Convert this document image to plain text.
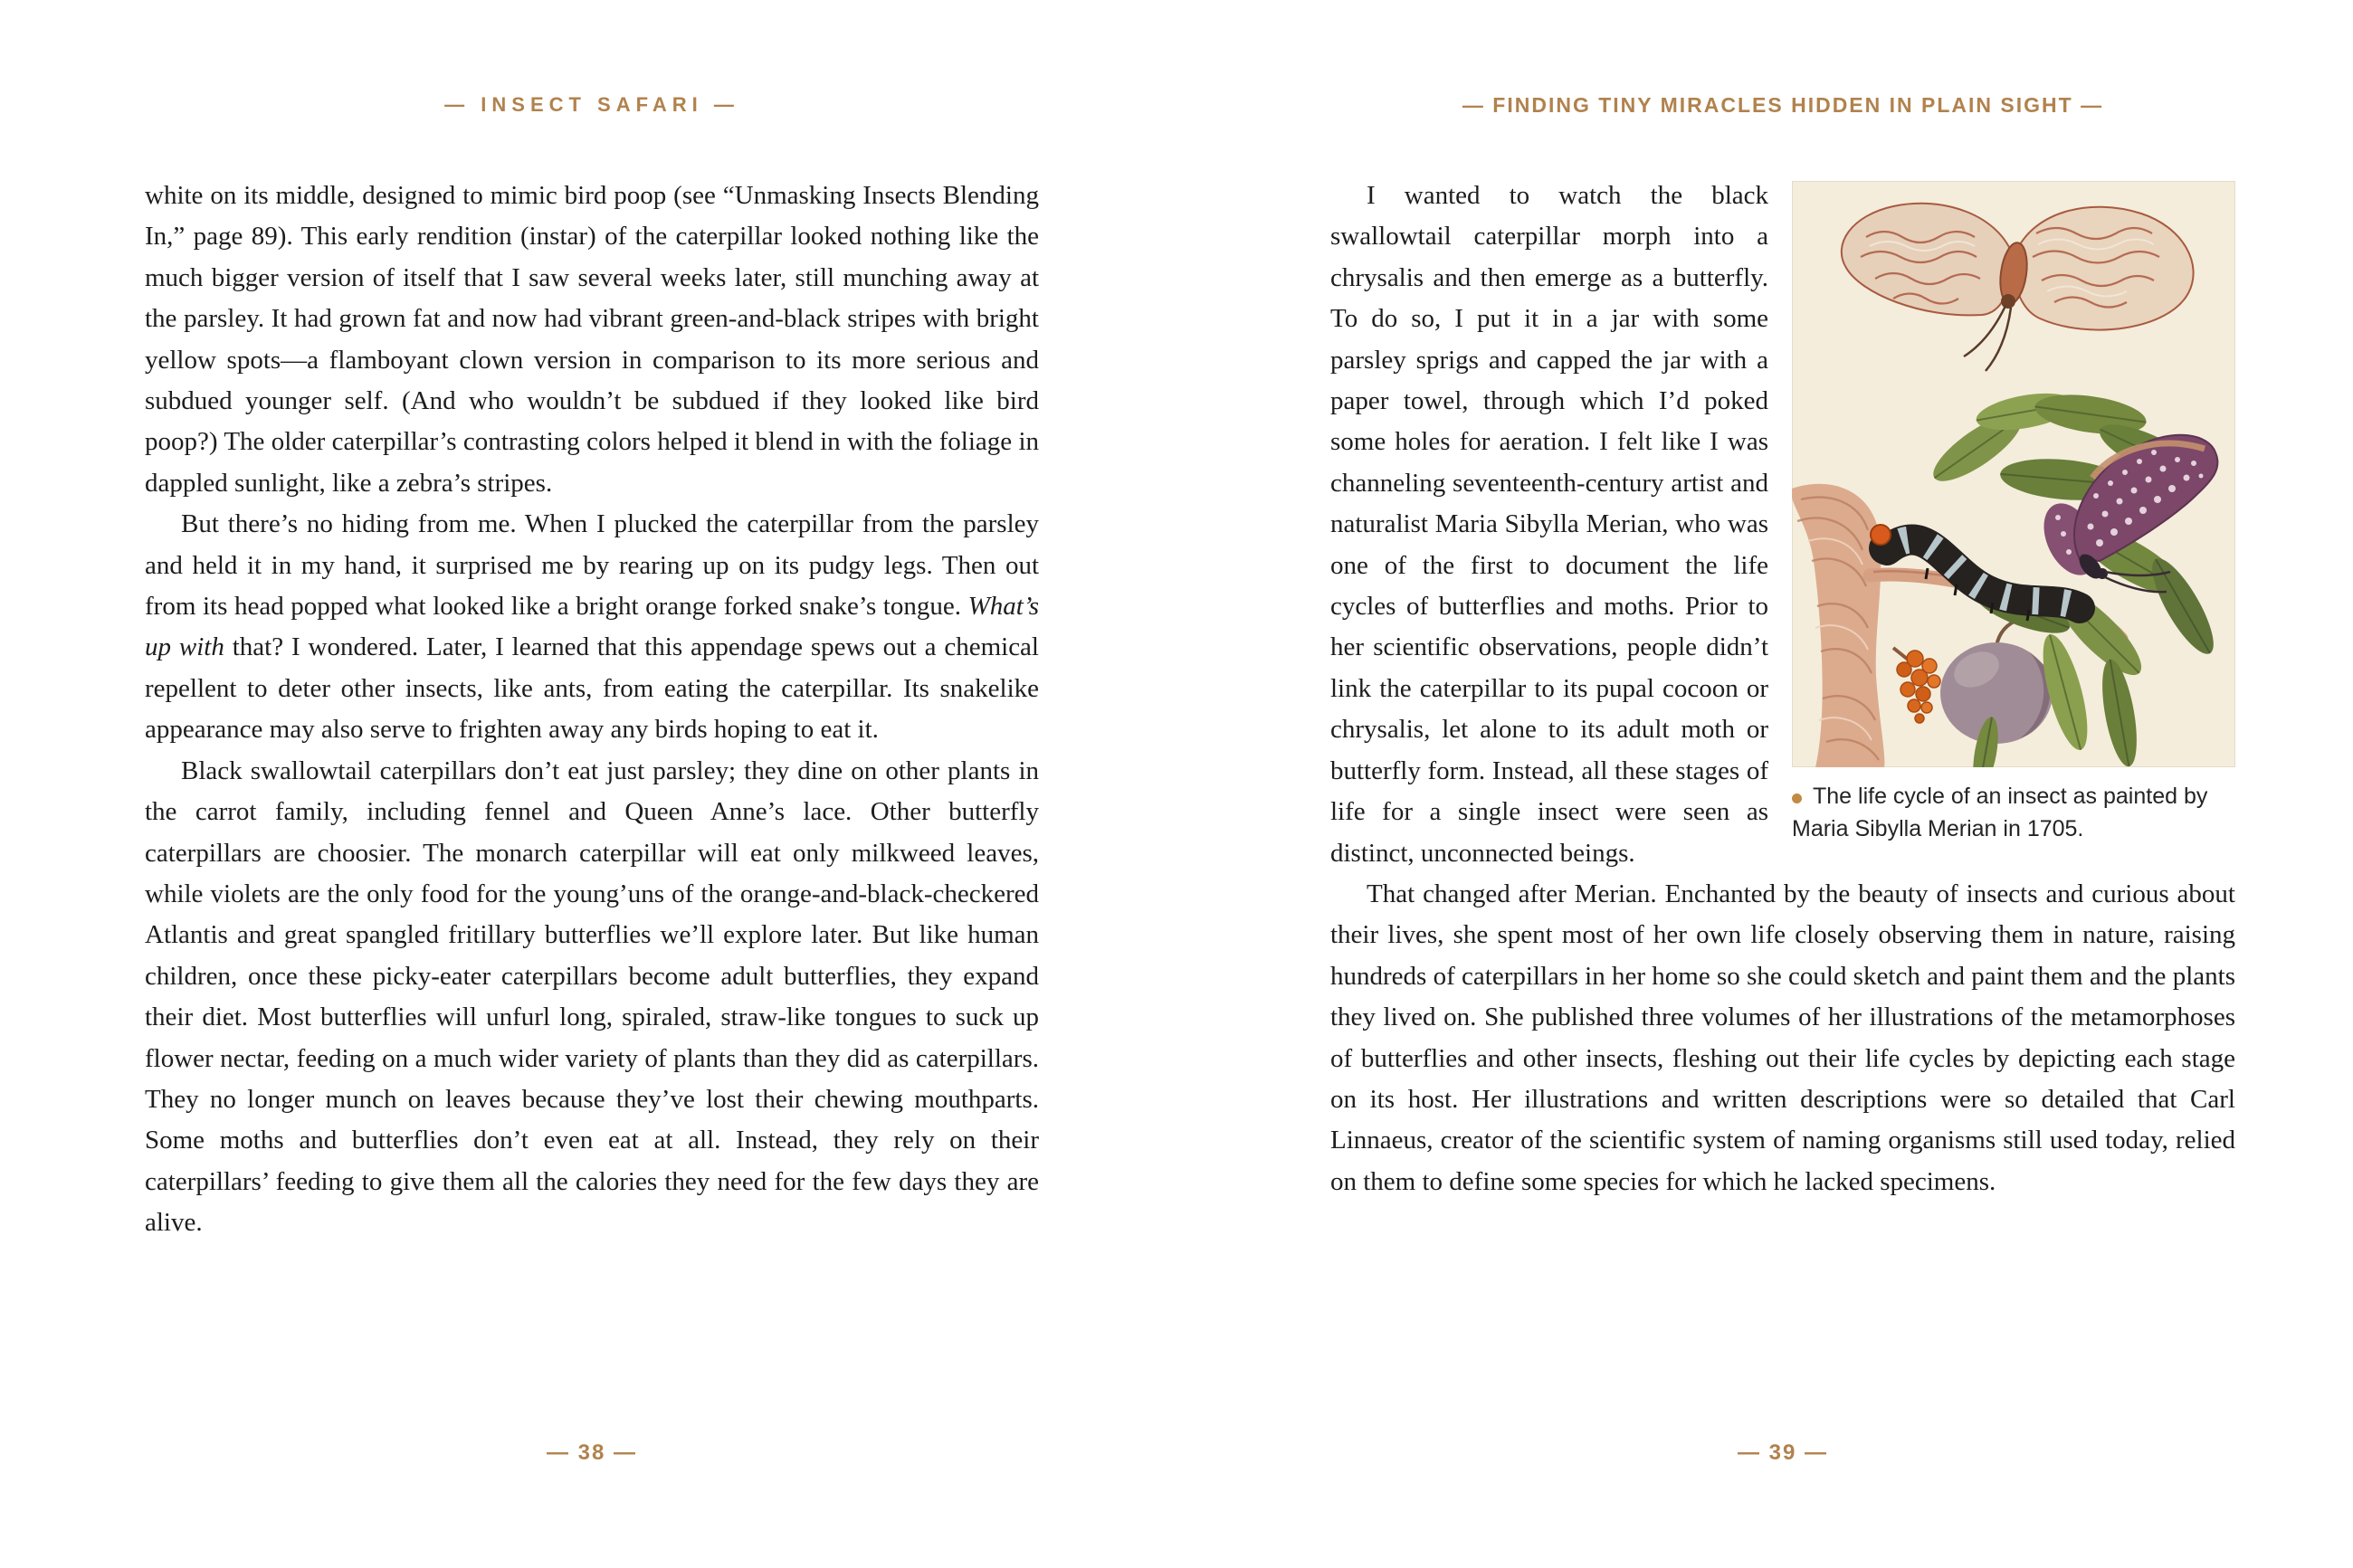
— INSECT SAFARI —	— FINDING TINY MIRACLES HIDDEN IN PLAIN SIGHT —

white on its middle, designed to mimic bird poop (see “Unmasking Insects Blending In,” page 89). This early rendition (instar) of the caterpillar looked nothing like the much bigger version of itself that I saw several weeks later, still munching away at the parsley. It had grown fat and now had vibrant green-and-black stripes with bright yellow spots—a flamboyant clown version in comparison to its more serious and subdued younger self. (And who wouldn’t be subdued if they looked like bird poop?) The older caterpillar’s contrasting colors helped it blend in with the foliage in dappled sunlight, like a zebra’s stripes.

But there’s no hiding from me. When I plucked the caterpillar from the parsley and held it in my hand, it surprised me by rearing up on its pudgy legs. Then out from its head popped what looked like a bright orange forked snake’s tongue. What’s up with that? I wondered. Later, I learned that this appendage spews out a chemical repellent to deter other insects, like ants, from eating the caterpillar. Its snakelike appearance may also serve to frighten away any birds hoping to eat it.

Black swallowtail caterpillars don’t eat just parsley; they dine on other plants in the carrot family, including fennel and Queen Anne’s lace. Other butterfly caterpillars are choosier. The monarch caterpillar will eat only milkweed leaves, while violets are the only food for the young’uns of the orange-and-black-checkered Atlantis and great spangled fritillary butterflies we’ll explore later. But like human children, once these picky-eater caterpillars become adult butterflies, they expand their diet. Most butterflies will unfurl long, spiraled, straw-like tongues to suck up flower nectar, feeding on a much wider variety of plants than they did as caterpillars. They no longer munch on leaves because they’ve lost their chewing mouthparts. Some moths and butterflies don’t even eat at all. Instead, they rely on their caterpillars’ feeding to give them all the calories they need for the few days they are alive.

The life cycle of an insect as painted by Maria Sibylla Merian in 1705.

I wanted to watch the black swallowtail caterpillar morph into a chrysalis and then emerge as a butterfly. To do so, I put it in a jar with some parsley sprigs and capped the jar with a paper towel, through which I’d poked some holes for aeration. I felt like I was channeling seventeenth-century artist and naturalist Maria Sibylla Merian, who was one of the first to document the life cycles of butterflies and moths. Prior to her scientific observations, people didn’t link the caterpillar to its pupal cocoon or chrysalis, let alone to its adult moth or butterfly form. Instead, all these stages of life for a single insect were seen as distinct, unconnected beings.

That changed after Merian. Enchanted by the beauty of insects and curious about their lives, she spent most of her own life closely observing them in nature, raising hundreds of caterpillars in her home so she could sketch and paint them and the plants they lived on. She published three volumes of her illustrations of the metamorphoses of butterflies and other insects, fleshing out their life cycles by depicting each stage on its host. Her illustrations and written descriptions were so detailed that Carl Linnaeus, creator of the scientific system of naming organisms still used today, relied on them to define some species for which he lacked specimens.

— 38 —	— 39 —
